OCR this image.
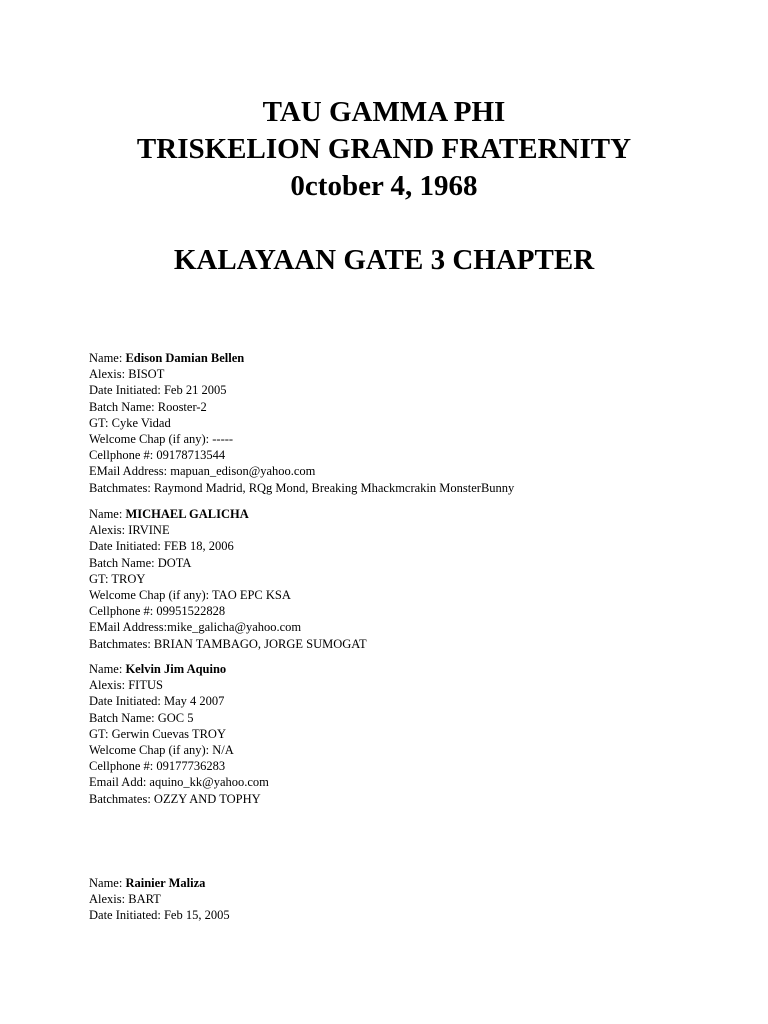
TAU GAMMA PHI
TRISKELION GRAND FRATERNITY
0ctober 4, 1968
KALAYAAN GATE 3 CHAPTER
Name: Edison Damian Bellen
Alexis: BISOT
Date Initiated: Feb 21 2005
Batch Name: Rooster-2
GT: Cyke Vidad
Welcome Chap (if any): -----
Cellphone #: 09178713544
EMail Address: mapuan_edison@yahoo.com
Batchmates: Raymond Madrid, RQg Mond, Breaking Mhackmcrakin MonsterBunny
Name: MICHAEL GALICHA
Alexis: IRVINE
Date Initiated: FEB 18, 2006
Batch Name: DOTA
GT: TROY
Welcome Chap (if any): TAO EPC KSA
Cellphone #: 09951522828
EMail Address:mike_galicha@yahoo.com
Batchmates: BRIAN TAMBAGO, JORGE SUMOGAT
Name: Kelvin Jim Aquino
Alexis: FITUS
Date Initiated: May 4 2007
Batch Name: GOC 5
GT: Gerwin Cuevas TROY
Welcome Chap (if any): N/A
Cellphone #: 09177736283
Email Add: aquino_kk@yahoo.com
Batchmates: OZZY AND TOPHY
Name: Rainier Maliza
Alexis: BART
Date Initiated: Feb 15, 2005
